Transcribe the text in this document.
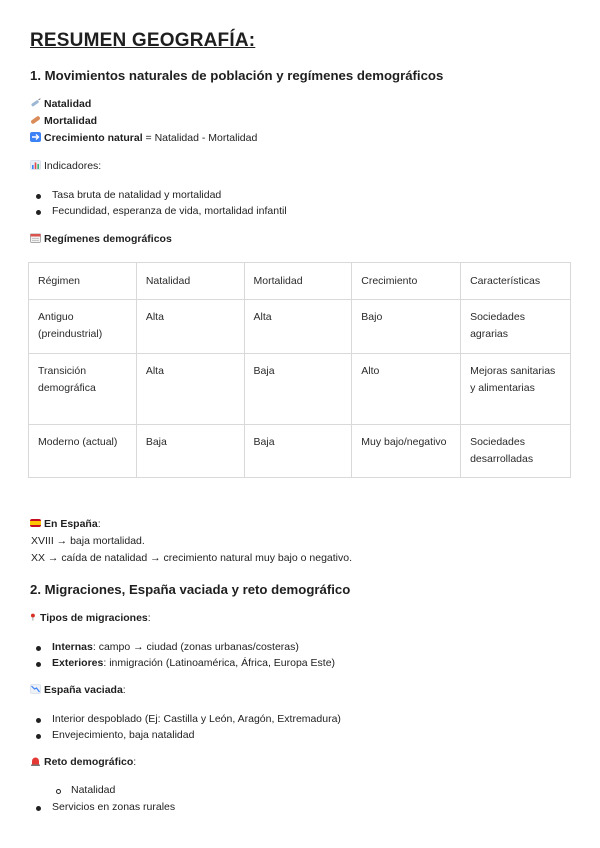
RESUMEN GEOGRAFÍA:
1. Movimientos naturales de población y regímenes demográficos
Natalidad
Mortalidad
Crecimiento natural = Natalidad - Mortalidad
Indicadores:
Tasa bruta de natalidad y mortalidad
Fecundidad, esperanza de vida, mortalidad infantil
Regímenes demográficos
Régimen	Natalidad	Mortalidad	Crecimiento	Características
Antiguo (preindustrial)	Alta	Alta	Bajo	Sociedades agrarias
Transición demográfica	Alta	Baja	Alto	Mejoras sanitarias y alimentarias
Moderno (actual)	Baja	Baja	Muy bajo/negativo	Sociedades desarrolladas
En España:
XVIII → baja mortalidad.
XX → caída de natalidad → crecimiento natural muy bajo o negativo.
2. Migraciones, España vaciada y reto demográfico
Tipos de migraciones:
Internas: campo → ciudad (zonas urbanas/costeras)
Exteriores: inmigración (Latinoamérica, África, Europa Este)
España vaciada:
Interior despoblado (Ej: Castilla y León, Aragón, Extremadura)
Envejecimiento, baja natalidad
Reto demográfico:
Natalidad
Servicios en zonas rurales
